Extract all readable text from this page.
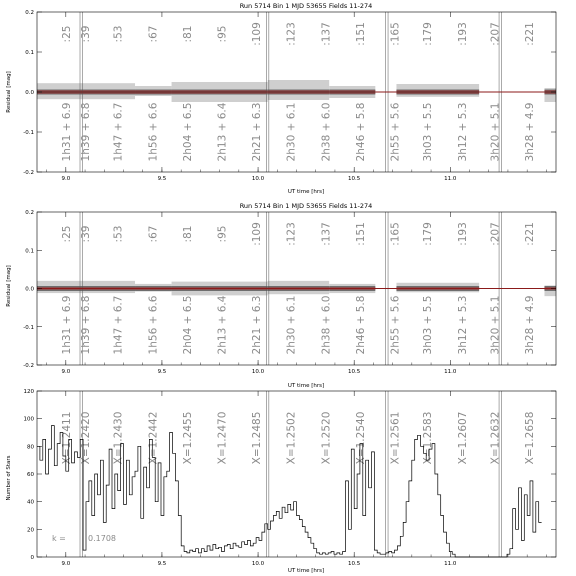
Run 5714 Bin 1 MJD 53655 Fields 11-274
:25 :39 :53 :67 :81 :95 :109 :123 :137 :151 :165 :179 :193 :207 :221
1h31 + 6.9 1h39 + 6.8 1h47 + 6.7 1h56 + 6.6 2h04 + 6.5 2h13 + 6.4 2h21 + 6.3 2h30 + 6.1 2h38 + 6.0 2h46 + 5.8 2h55 + 5.6 3h03 + 5.5 3h12 + 5.3 3h20 + 5.1 3h28 + 4.9
9.0	9.5	10.0	10.5	11.0
-0.2
-0.1
0.0
0.1
0.2
UT time [hrs]
Residual [mag]
Run 5714 Bin 1 MJD 53655 Fields 11-274
:25 :39 :53 :67 :81 :95 :109 :123 :137 :151 :165 :179 :193 :207 :221
1h31 + 6.9 1h39 + 6.8 1h47 + 6.7 1h56 + 6.6 2h04 + 6.5 2h13 + 6.4 2h21 + 6.3 2h30 + 6.1 2h38 + 6.0 2h46 + 5.8 2h55 + 5.6 3h03 + 5.5 3h12 + 5.3 3h20 + 5.1 3h28 + 4.9
9.0	9.5	10.0	10.5	11.0
-0.2
-0.1
0.0
0.1
0.2
UT time [hrs]
Residual [mag]
X=1.2411 X=1.2420 X=1.2430 X=1.2442 X=1.2455 X=1.2470 X=1.2485 X=1.2502 X=1.2520 X=1.2540 X=1.2561 X=1.2583 X=1.2607 X=1.2632 X=1.2658
9.0	9.5	10.0	10.5	11.0
0
20
40
60
80
100
120
k =	0.1708
UT time [hrs]
Number of Stars
